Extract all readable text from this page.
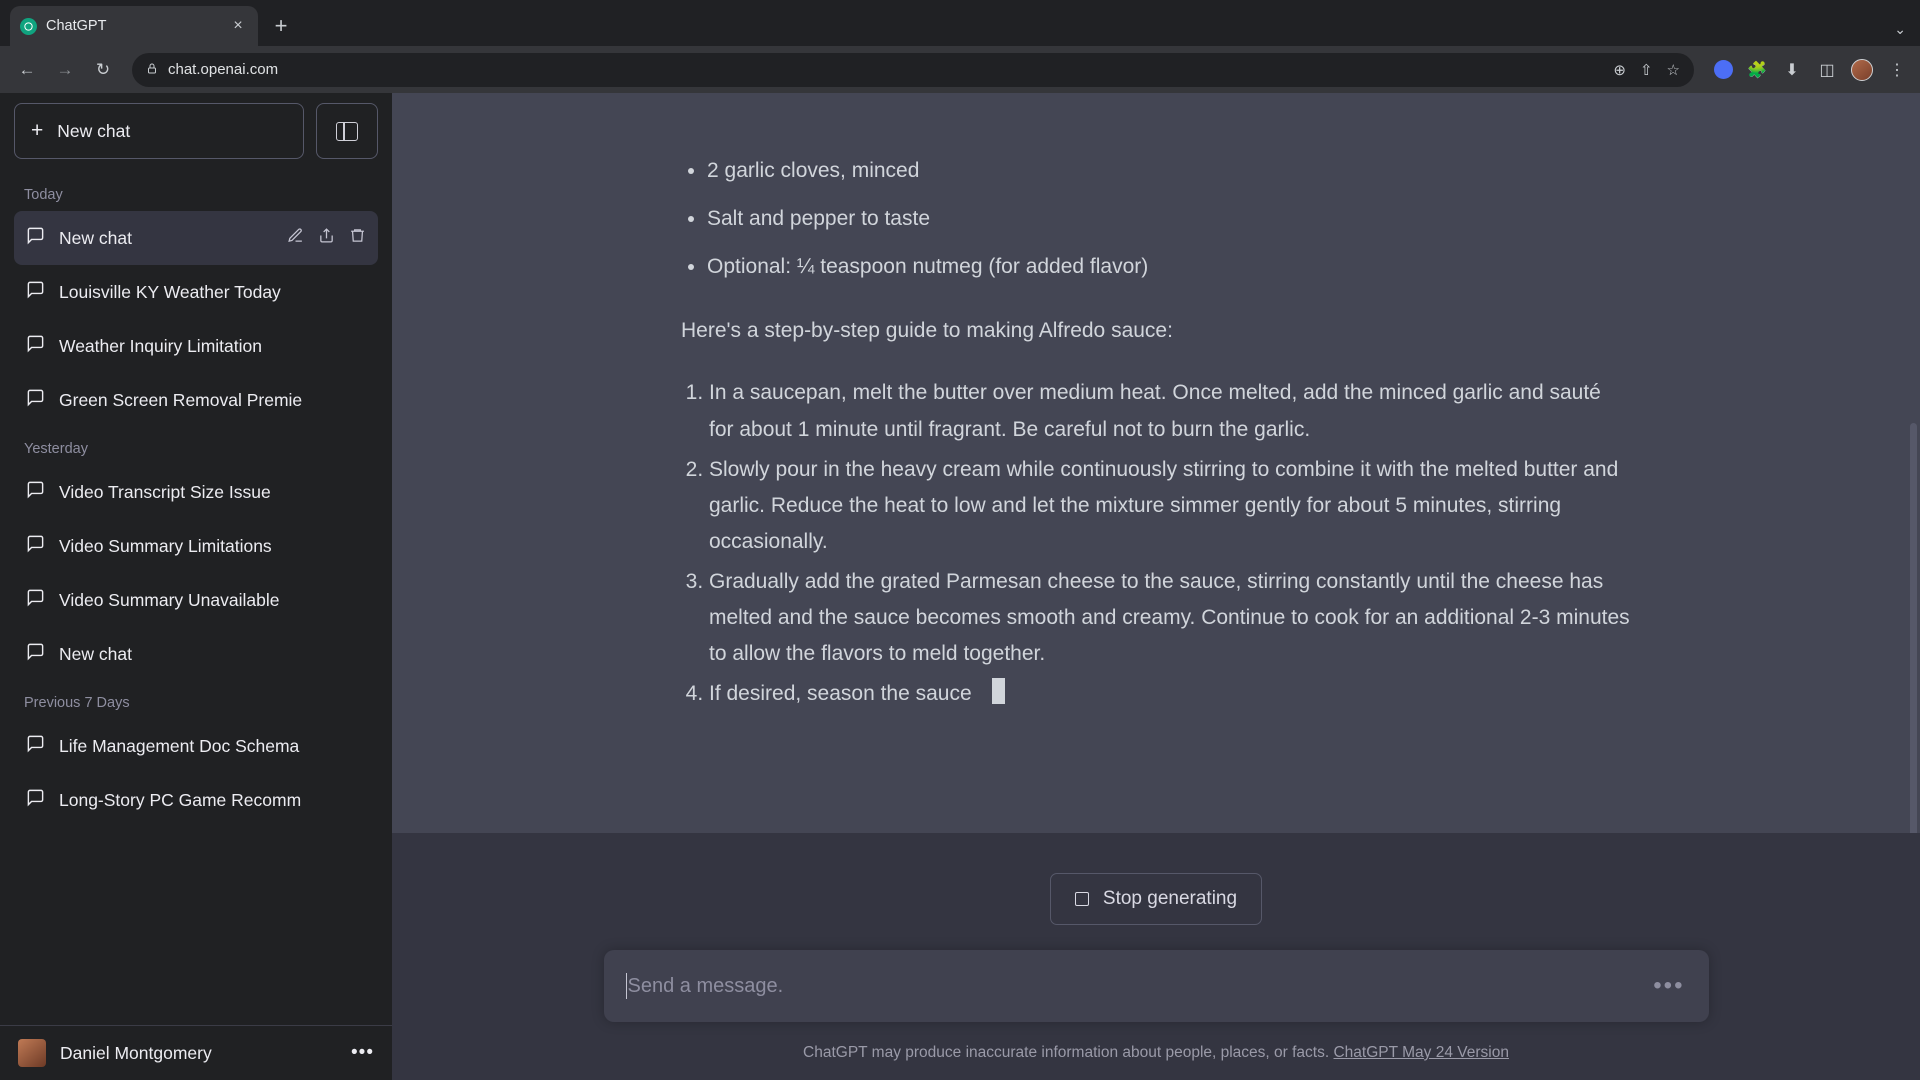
ChatGPT	×	+	⌄
←	→	↻	chat.openai.com	⊕ ⇧ ☆	🧩 ⬇ ◫	⋮
+ New chat
Today
New chat
Louisville KY Weather Today
Weather Inquiry Limitation
Green Screen Removal Premie
Yesterday
Video Transcript Size Issue
Video Summary Limitations
Video Summary Unavailable
New chat
Previous 7 Days
Life Management Doc Schema
Long-Story PC Game Recomm
Daniel Montgomery	•••
• 2 garlic cloves, minced
• Salt and pepper to taste
• Optional: ¼ teaspoon nutmeg (for added flavor)

Here's a step-by-step guide to making Alfredo sauce:

1. In a saucepan, melt the butter over medium heat. Once melted, add the minced garlic and sauté for about 1 minute until fragrant. Be careful not to burn the garlic.
2. Slowly pour in the heavy cream while continuously stirring to combine it with the melted butter and garlic. Reduce the heat to low and let the mixture simmer gently for about 5 minutes, stirring occasionally.
3. Gradually add the grated Parmesan cheese to the sauce, stirring constantly until the cheese has melted and the sauce becomes smooth and creamy. Continue to cook for an additional 2-3 minutes to allow the flavors to meld together.
4. If desired, season the sauce
Stop generating
Send a message.	•••
ChatGPT may produce inaccurate information about people, places, or facts. ChatGPT May 24 Version
